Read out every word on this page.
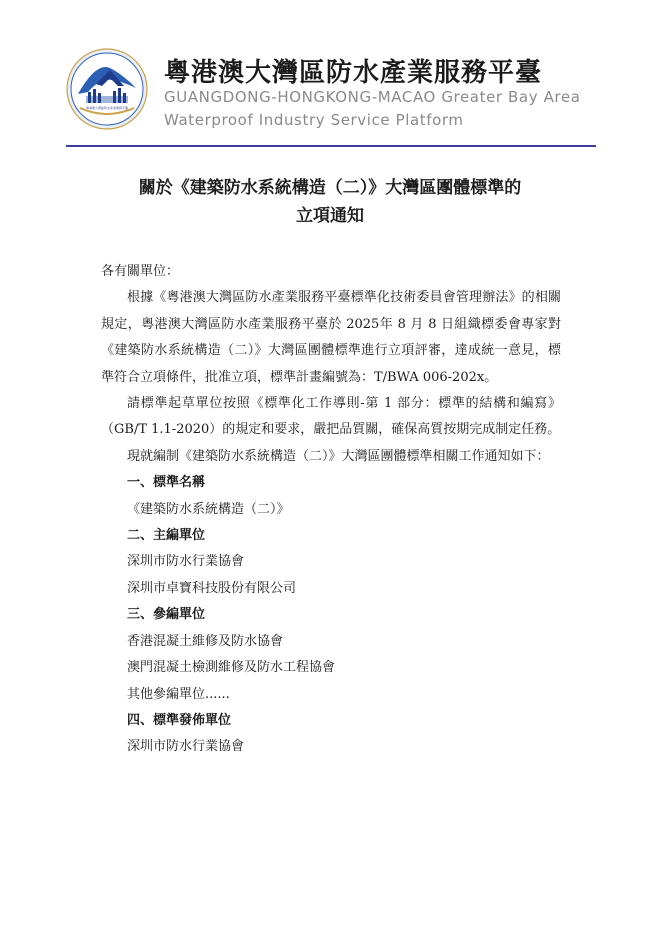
粵港澳大灣區防水產業服務平臺
粵港澳大灣區防水產業服務平臺
GUANGDONG-HONGKONG-MACAO Greater Bay Area
Waterproof Industry Service Platform
關於《建築防水系統構造（二）》大灣區團體標準的
立項通知

各有關單位：

根據《粵港澳大灣區防水產業服務平臺標準化技術委員會管理辦法》的相關規定，粵港澳大灣區防水產業服務平臺於 2025年 8 月 8 日組織標委會專家對《建築防水系統構造（二）》大灣區團體標準進行立項評審，達成統一意見，標準符合立項條件，批准立項，標準計畫編號為：T/BWA 006-202x。

請標準起草單位按照《標準化工作導則-第 1 部分：標準的結構和編寫》（GB/T 1.1-2020）的規定和要求，嚴把品質關，確保高質按期完成制定任務。

現就編制《建築防水系統構造（二）》大灣區團體標準相關工作通知如下：

一、標準名稱

《建築防水系統構造（二）》

二、主編單位

深圳市防水行業協會

深圳市卓寶科技股份有限公司

三、參編單位

香港混凝土維修及防水協會

澳門混凝土檢測維修及防水工程協會

其他參編單位......

四、標準發佈單位

深圳市防水行業協會
